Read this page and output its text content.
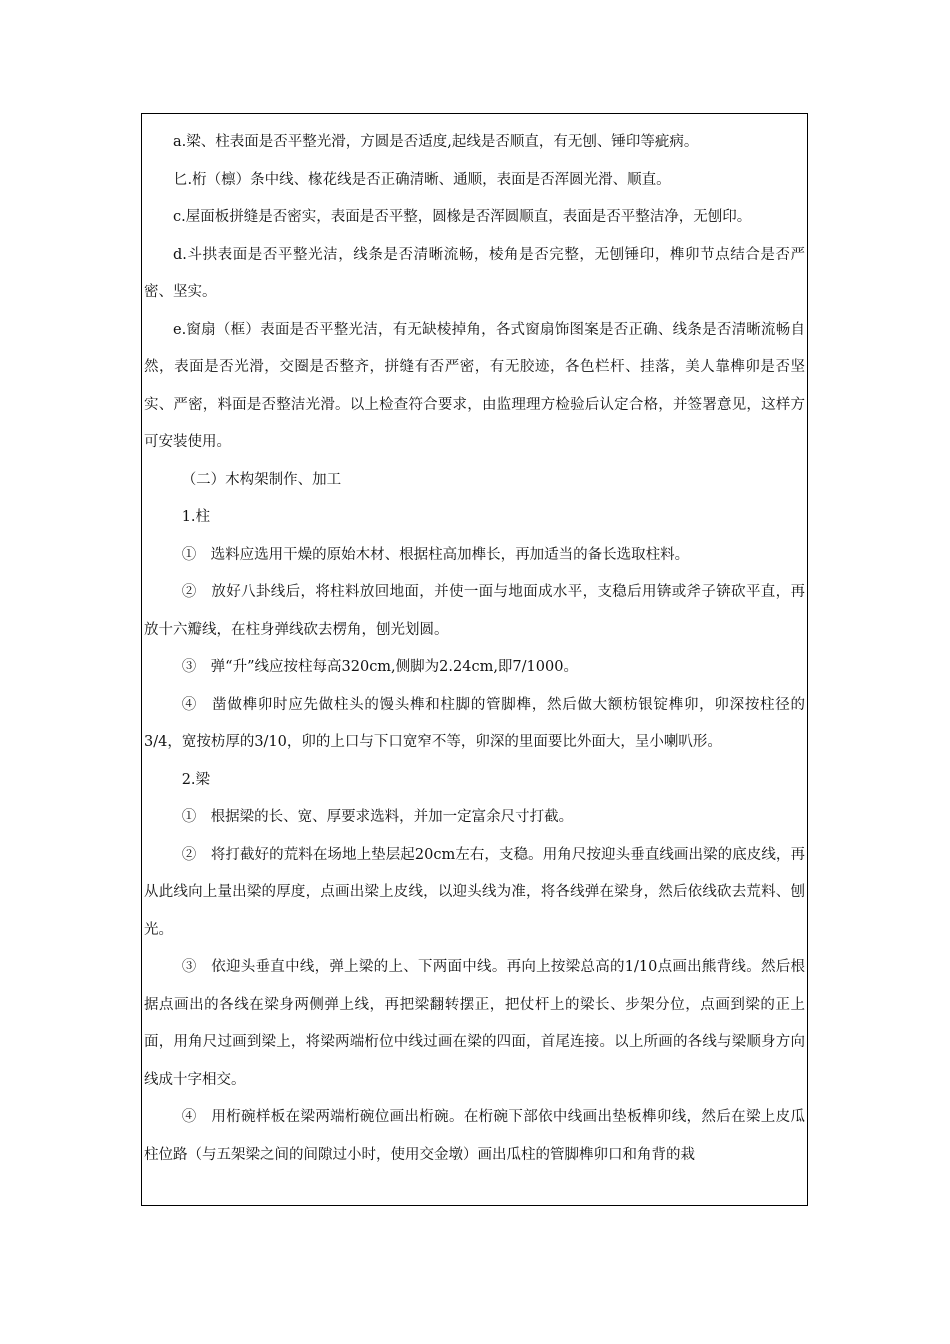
a.梁、柱表面是否平整光滑，方圆是否适度,起线是否顺直，有无刨、锤印等疵病。

匕.桁（檩）条中线、椽花线是否正确清晰、通顺，表面是否浑圆光滑、顺直。

c.屋面板拼缝是否密实，表面是否平整，圆椽是否浑圆顺直，表面是否平整洁净，无刨印。

d.斗拱表面是否平整光洁，线条是否清晰流畅，棱角是否完整，无刨锤印，榫卯节点结合是否严密、坚实。

e.窗扇（框）表面是否平整光洁，有无缺棱掉角，各式窗扇饰图案是否正确、线条是否清晰流畅自然，表面是否光滑，交圈是否整齐，拼缝有否严密，有无胶迹，各色栏杆、挂落，美人靠榫卯是否坚实、严密，料面是否整洁光滑。以上检查符合要求，由监理理方检验后认定合格，并签署意见，这样方可安装使用。

（二）木构架制作、加工

1.柱

①　选料应选用干燥的原始木材、根据柱高加榫长，再加适当的备长选取柱料。

②　放好八卦线后，将柱料放回地面，并使一面与地面成水平，支稳后用锛或斧子锛砍平直，再放十六瓣线，在柱身弹线砍去楞角，刨光划圆。

③　弹“升”线应按柱每高320cm,侧脚为2.24cm,即7/1000。

④　凿做榫卯时应先做柱头的馒头榫和柱脚的管脚榫，然后做大额枋银锭榫卯，卯深按柱径的3/4，宽按枋厚的3/10，卯的上口与下口宽窄不等，卯深的里面要比外面大，呈小喇叭形。

2.梁

①　根据梁的长、宽、厚要求选料，并加一定富余尺寸打截。

②　将打截好的荒料在场地上垫层起20cm左右，支稳。用角尺按迎头垂直线画出梁的底皮线，再从此线向上量出梁的厚度，点画出梁上皮线，以迎头线为准，将各线弹在梁身，然后依线砍去荒料、刨光。

③　依迎头垂直中线，弹上梁的上、下两面中线。再向上按梁总高的1/10点画出熊背线。然后根据点画出的各线在梁身两侧弹上线，再把梁翻转摆正，把仗杆上的梁长、步架分位，点画到梁的正上面，用角尺过画到梁上，将梁两端桁位中线过画在梁的四面，首尾连接。以上所画的各线与梁顺身方向线成十字相交。

④　用桁碗样板在梁两端桁碗位画出桁碗。在桁碗下部依中线画出垫板榫卯线，然后在梁上皮瓜柱位路（与五架梁之间的间隙过小时，使用交金墩）画出瓜柱的管脚榫卯口和角背的栽
